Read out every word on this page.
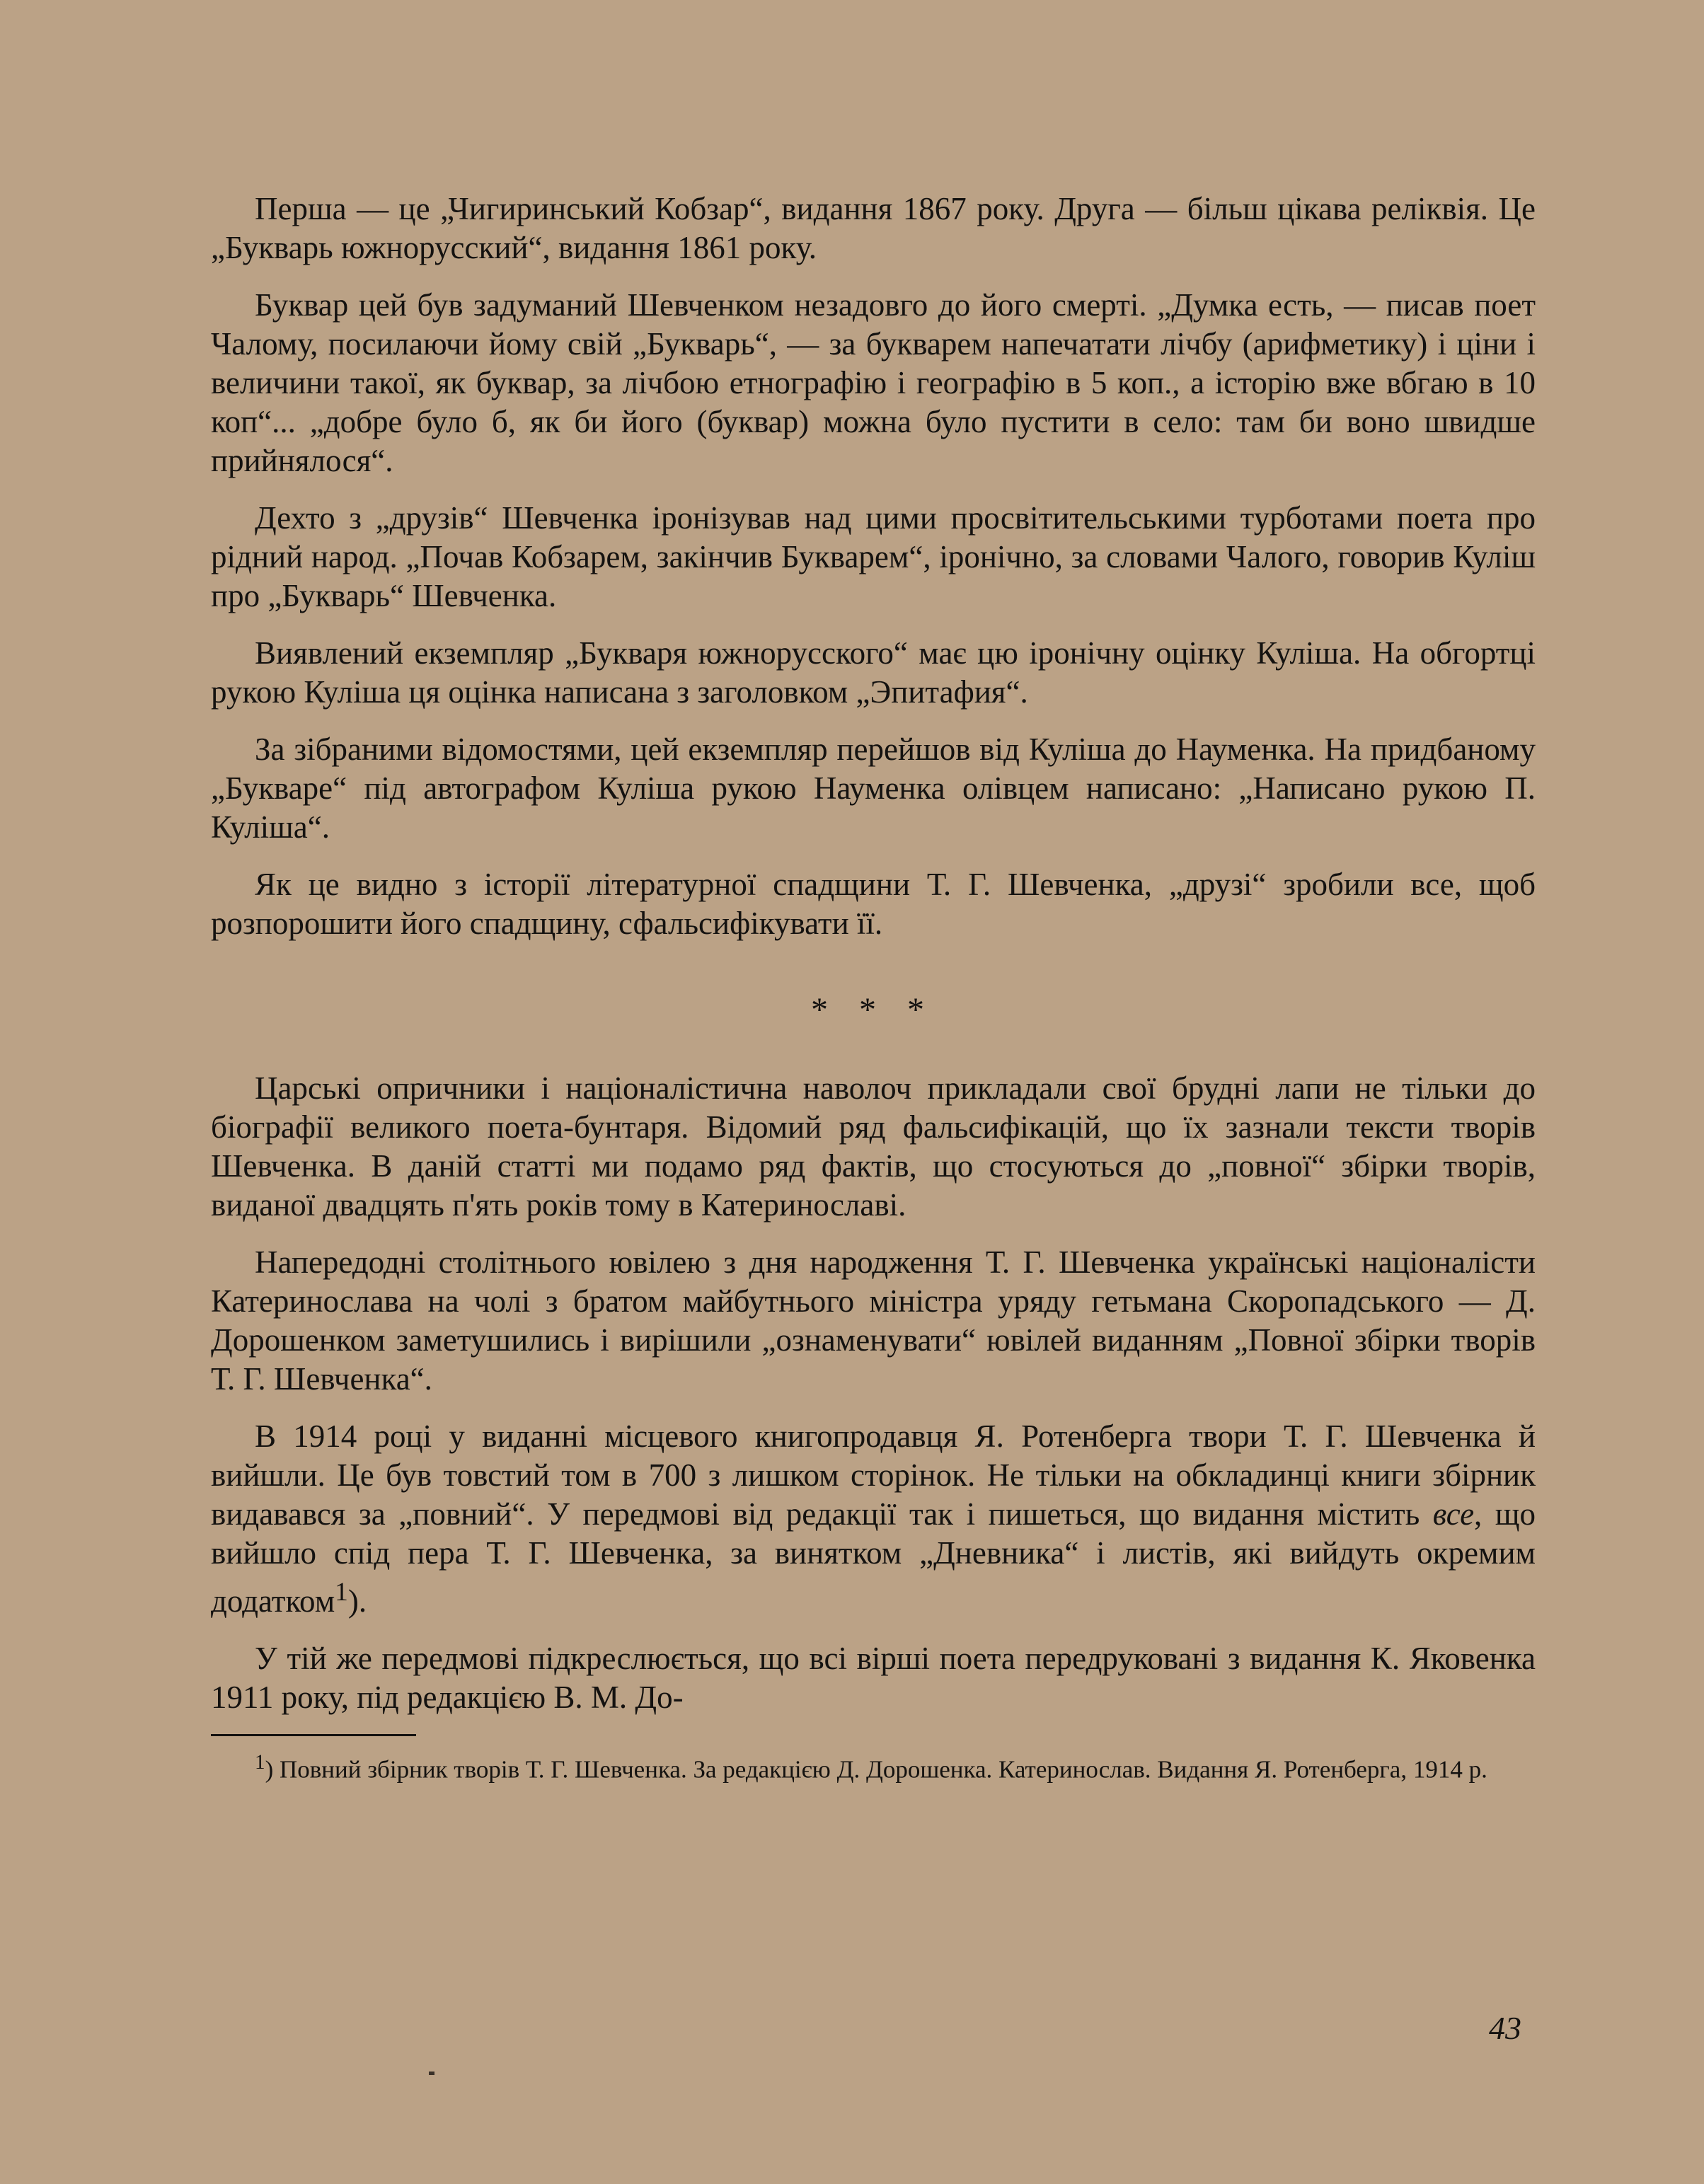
Перша — це „Чигиринський Кобзар“, видання 1867 року. Друга — більш цікава реліквія. Це „Букварь южнорусский“, видання 1861 року.

Буквар цей був задуманий Шевченком незадовго до його смерті. „Думка есть, — писав поет Чалому, посилаючи йому свій „Букварь“, — за букварем напечатати лічбу (арифметику) і ціни і величини такої, як буквар, за лічбою етнографію і географію в 5 коп., а історію вже вбгаю в 10 коп“... „добре було б, як би його (буквар) можна було пустити в село: там би воно швидше прийнялося“.

Дехто з „друзів“ Шевченка іронізував над цими просвітительськими турботами поета про рідний народ. „Почав Кобзарем, закінчив Букварем“, іронічно, за словами Чалого, говорив Куліш про „Букварь“ Шевченка.

Виявлений екземпляр „Букваря южнорусского“ має цю іронічну оцінку Куліша. На обгортці рукою Куліша ця оцінка написана з заголовком „Эпитафия“.

За зібраними відомостями, цей екземпляр перейшов від Куліша до Науменка. На придбаному „Букваре“ під автографом Куліша рукою Науменка олівцем написано: „Написано рукою П. Куліша“.

Як це видно з історії літературної спадщини Т. Г. Шевченка, „друзі“ зробили все, щоб розпорошити його спадщину, сфальсифікувати її.

* * *

Царські опричники і націоналістична наволоч прикладали свої брудні лапи не тільки до біографії великого поета-бунтаря. Відомий ряд фальсифікацій, що їх зазнали тексти творів Шевченка. В даній статті ми подамо ряд фактів, що стосуються до „повної“ збірки творів, виданої двадцять п'ять років тому в Катеринославі.

Напередодні столітнього ювілею з дня народження Т. Г. Шевченка українські націоналісти Катеринослава на чолі з братом майбутнього міністра уряду гетьмана Скоропадського — Д. Дорошенком заметушились і вирішили „ознаменувати“ ювілей виданням „Повної збірки творів Т. Г. Шевченка“.

В 1914 році у виданні місцевого книгопродавця Я. Ротенберга твори Т. Г. Шевченка й вийшли. Це був товстий том в 700 з лишком сторінок. Не тільки на обкладинці книги збірник видавався за „повний“. У передмові від редакції так і пишеться, що видання містить все, що вийшло спід пера Т. Г. Шевченка, за винятком „Дневника“ і листів, які вийдуть окремим додатком$^1$).

У тій же передмові підкреслюється, що всі вірші поета передруковані з видання К. Яковенка 1911 року, під редакцією В. М. До-

$^1$) Повний збірник творів Т. Г. Шевченка. За редакцією Д. Дорошенка. Катеринослав. Видання Я. Ротенберга, 1914 р.

43
